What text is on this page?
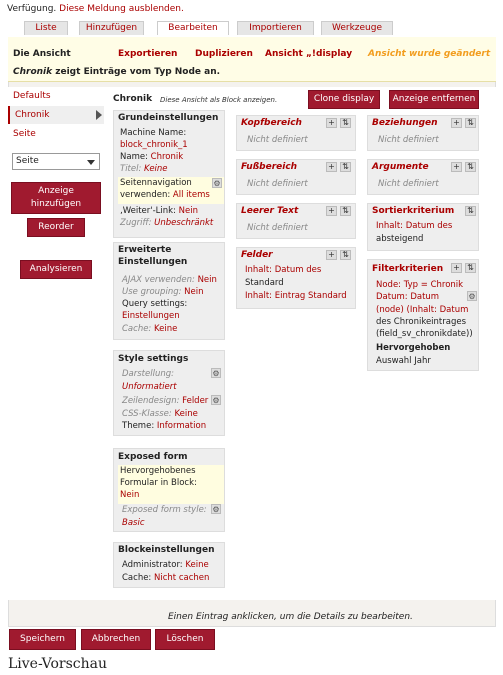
Verfügung. Diese Meldung ausblenden.
Liste	Hinzufügen	Bearbeiten	Importieren	Werkzeuge
Die Ansicht	Exportieren Duplizieren Ansicht „!display Ansicht wurde geändert
Chronik zeigt Einträge vom Typ Node an.
Defaults
Chronik
Seite
Seite
Anzeige hinzufügen
Reorder
Analysieren
Chronik Diese Ansicht als Block anzeigen.	Clone display	Anzeige entfernen
Grundeinstellungen
Machine Name:
block_chronik_1
Name: Chronik
Titel: Keine
Seitennavigation
verwenden: All items
⚙
‚Weiter'-Link: Nein
Zugriff: Unbeschränkt
Erweiterte
Einstellungen
AJAX verwenden: Nein
Use grouping: Nein
Query settings:
Einstellungen
Cache: Keine
Style settings
Darstellung:	⚙
Unformatiert
Zeilendesign: Felder ⚙
CSS-Klasse: Keine
Theme: Information
Exposed form
Hervorgehobenes
Formular in Block:
Nein
Exposed form style: ⚙
Basic
Blockeinstellungen
Administrator: Keine
Cache: Nicht cachen
Kopfbereich	+ ⇅
Nicht definiert
Fußbereich	+ ⇅
Nicht definiert
Leerer Text	+ ⇅
Nicht definiert
Felder	+ ⇅
Inhalt: Datum des
Standard
Inhalt: Eintrag Standard
Beziehungen + ⇅
Nicht definiert
Argumente	+ ⇅
Nicht definiert
Sortierkriterium ⇅
Inhalt: Datum des
absteigend
Filterkriterien + ⇅
Node: Typ = Chronik
Datum: Datum	⚙
(node) (Inhalt: Datum
des Chronikeintrages
(field_sv_chronikdate))
Hervorgehoben
Auswahl Jahr
Einen Eintrag anklicken, um die Details zu bearbeiten.
Speichern	Abbrechen	Löschen
Live-Vorschau
